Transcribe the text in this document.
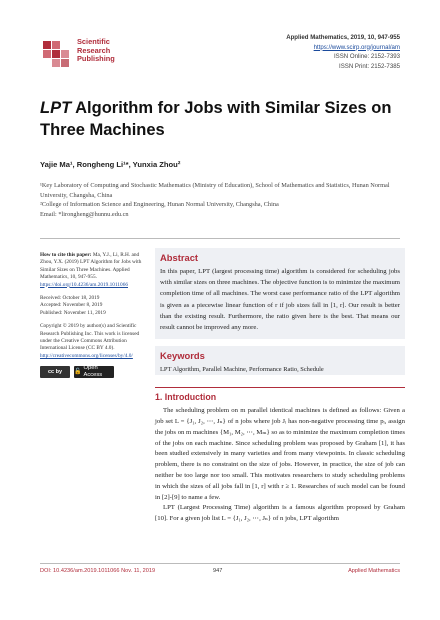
Scientific
Research
Publishing
Applied Mathematics, 2019, 10, 947-955
https://www.scirp.org/journal/am
ISSN Online: 2152-7393
ISSN Print: 2152-7385
LPT Algorithm for Jobs with Similar Sizes on Three Machines
Yajie Ma¹, Rongheng Li¹*, Yunxia Zhou²
¹Key Laboratory of Computing and Stochastic Mathematics (Ministry of Education), School of Mathematics and Statistics, Hunan Normal University, Changsha, China
²College of Information Science and Engineering, Hunan Normal University, Changsha, China
Email: *lirongheng@hunnu.edu.cn

How to cite this paper: Ma, Y.J., Li, R.H. and Zhou, Y.X. (2019) LPT Algorithm for Jobs with Similar Sizes on Three Machines. Applied Mathematics, 10, 947-955.
https://doi.org/10.4236/am.2019.1011066

Received: October 18, 2019
Accepted: November 8, 2019
Published: November 11, 2019

Copyright © 2019 by author(s) and Scientific Research Publishing Inc. This work is licensed under the Creative Commons Attribution International License (CC BY 4.0).
http://creativecommons.org/licenses/by/4.0/

cc by	🔓
Open Access
Abstract
In this paper, LPT (largest processing time) algorithm is considered for scheduling jobs with similar sizes on three machines. The objective function is to minimize the maximum completion time of all machines. The worst case performance ratio of the LPT algorithm is given as a piecewise linear function of r if job sizes fall in [1, r]. Our result is better than the existing result. Furthermore, the ratio given here is the best. That means our result cannot be improved any more.
Keywords
LPT Algorithm, Parallel Machine, Performance Ratio, Schedule
1. Introduction

The scheduling problem on m parallel identical machines is defined as follows: Given a job set L = {J₁, J₂, ⋯, Jₙ} of n jobs where job Jᵢ has non-negative processing time pᵢ, assign the jobs on m machines {M₁, M₂, ⋯, Mₘ} so as to minimize the maximum completion times of the jobs on each machine. Since scheduling problem was proposed by Graham [1], it has been studied extensively in many varieties and from many viewpoints. In classic scheduling problem, there is no constraint on the size of jobs. However, in practice, the size of job can neither be too large nor too small. This motivates researchers to study scheduling problems in which the sizes of all jobs fall in [1, r] with r ≥ 1. Researches of such model can be found in [2]-[9] to name a few.

LPT (Largest Processing Time) algorithm is a famous algorithm proposed by Graham [10]. For a given job list L = {J₁, J₂, ⋯, Jₙ} of n jobs, LPT algorithm

DOI: 10.4236/am.2019.1011066 Nov. 11, 2019	947	Applied Mathematics
